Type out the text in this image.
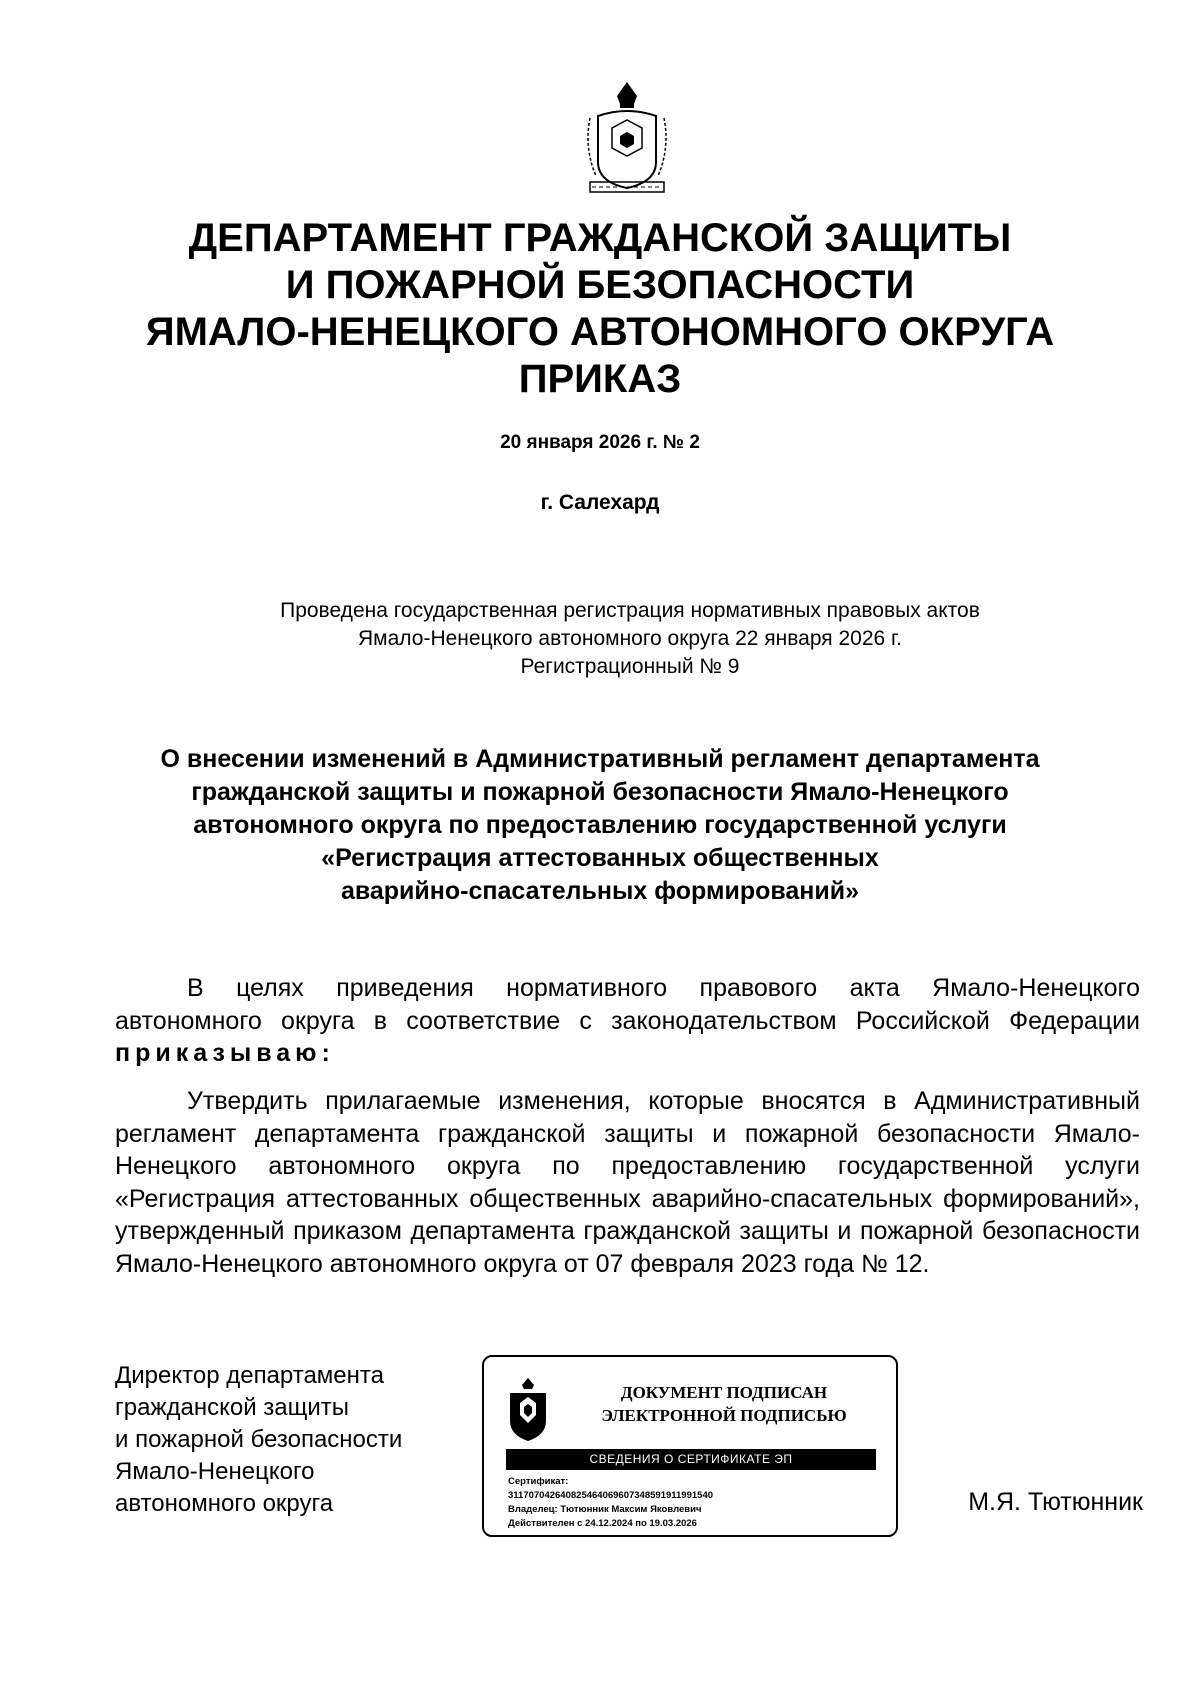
ДЕПАРТАМЕНТ ГРАЖДАНСКОЙ ЗАЩИТЫ
И ПОЖАРНОЙ БЕЗОПАСНОСТИ
ЯМАЛО-НЕНЕЦКОГО АВТОНОМНОГО ОКРУГА
ПРИКАЗ
20 января 2026 г. № 2
г. Салехард
Проведена государственная регистрация нормативных правовых актов
Ямало-Ненецкого автономного округа 22 января 2026 г.
Регистрационный № 9
О внесении изменений в Административный регламент департамента
гражданской защиты и пожарной безопасности Ямало-Ненецкого
автономного округа по предоставлению государственной услуги
«Регистрация аттестованных общественных
аварийно-спасательных формирований»
В целях приведения нормативного правового акта Ямало-Ненецкого автономного округа в соответствие с законодательством Российской Федерации приказываю:
Утвердить прилагаемые изменения, которые вносятся в Административный регламент департамента гражданской защиты и пожарной безопасности Ямало-Ненецкого автономного округа по предоставлению государственной услуги «Регистрация аттестованных общественных аварийно-спасательных формирований», утвержденный приказом департамента гражданской защиты и пожарной безопасности Ямало-Ненецкого автономного округа от 07 февраля 2023 года № 12.
Директор департамента
гражданской защиты
и пожарной безопасности
Ямало-Ненецкого
автономного округа
ДОКУМЕНТ ПОДПИСАН
ЭЛЕКТРОННОЙ ПОДПИСЬЮ
СВЕДЕНИЯ О СЕРТИФИКАТЕ ЭП
Сертификат:
311707042640825464069607348591911991540
Владелец: Тютюнник Максим Яковлевич
Действителен с 24.12.2024 по 19.03.2026
М.Я. Тютюнник
